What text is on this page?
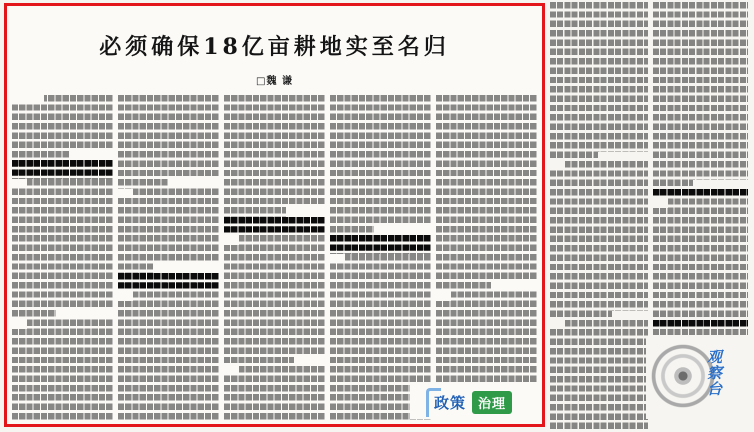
必须确保18亿亩耕地实至名归
□魏 谦
政策 治理
观察台
